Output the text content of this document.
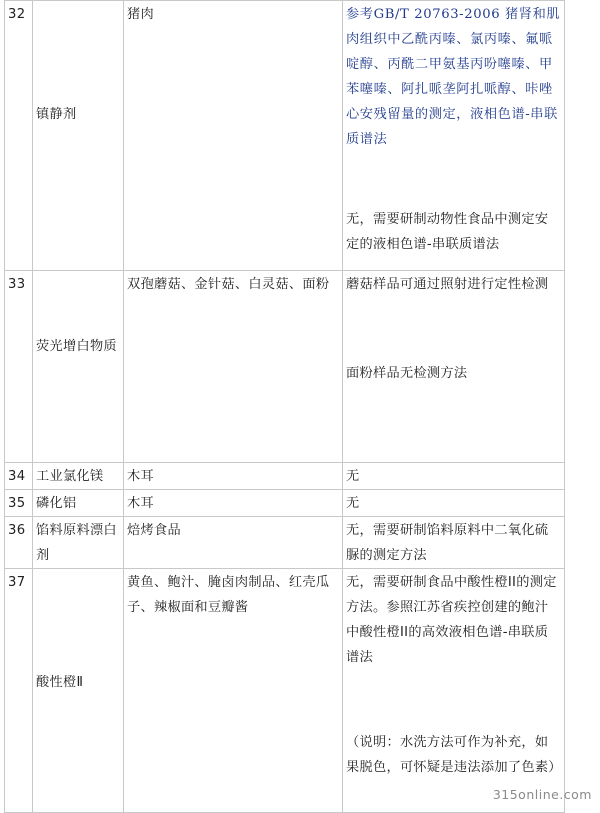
32	镇静剂	猪肉	参考GB/T 20763-2006 猪肾和肌肉组织中乙酰丙嗪、氯丙嗪、氟哌啶醇、丙酰二甲氨基丙吩噻嗪、甲苯噻嗪、阿扎哌垄阿扎哌醇、咔唑心安残留量的测定，液相色谱-串联质谱法
无，需要研制动物性食品中测定安定的液相色谱-串联质谱法

33	荧光增白物质	双孢蘑菇、金针菇、白灵菇、面粉	蘑菇样品可通过照射进行定性检测
面粉样品无检测方法

34	工业氯化镁	木耳	无
35	磷化铝	木耳	无
36	馅料原料漂白剂	焙烤食品	无，需要研制馅料原料中二氧化硫脲的测定方法
37	酸性橙Ⅱ	黄鱼、鲍汁、腌卤肉制品、红壳瓜子、辣椒面和豆瓣酱	无，需要研制食品中酸性橙II的测定方法。参照江苏省疾控创建的鲍汁中酸性橙II的高效液相色谱-串联质谱法
（说明：水洗方法可作为补充，如果脱色，可怀疑是违法添加了色素）
315online.com
